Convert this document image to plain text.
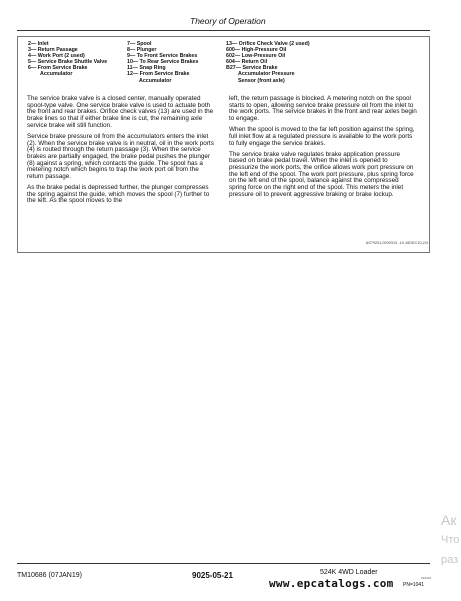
Theory of Operation
2— Inlet
3— Return Passage
4— Work Port (2 used)
5— Service Brake Shuttle Valve
6— From Service Brake
Accumulator
7— Spool
8— Plunger
9— To Front Service Brakes
10— To Rear Service Brakes
11— Snap Ring
12— From Service Brake
Accumulator
13— Orifice Check Valve (2 used)
600— High-Pressure Oil
602— Low-Pressure Oil
604— Return Oil
B27— Service Brake
Accumulator Pressure
Sensor (front axle)

The service brake valve is a closed center, manually operated spool-type valve. One service brake valve is used to actuate both the front and rear brakes. Orifice check valves (13) are used in the brake lines so that if either brake line is cut, the remaining axle service brake will still function.

Service brake pressure oil from the accumulators enters the inlet (2). When the service brake valve is in neutral, oil in the work ports (4) is routed through the return passage (3). When the service brakes are partially engaged, the brake pedal pushes the plunger (8) against a spring, which contacts the guide. The spool has a metering notch which begins to trap the work port oil from the return passage.

As the brake pedal is depressed further, the plunger compresses the spring against the guide, which moves the spool (7) further to the left. As the spool moves to the

left, the return passage is blocked. A metering notch on the spool starts to open, allowing service brake pressure oil from the inlet to the work ports. The service brakes in the front and rear axles begin to engage.

When the spool is moved to the far left position against the spring, full inlet flow at a regulated pressure is available to the work ports to fully engage the service brakes.

The service brake valve regulates brake application pressure based on brake pedal travel. When the inlet is opened to pressurize the work ports, the orifice allows work port pressure on the left end of the spool. The work port pressure, plus spring force on the left end of the spool, balance against the compressed spring force on the right end of the spool. This meters the inlet pressure oil to prevent aggressive braking or brake lockup.

AS79201,0000310 -19-16DEC10-2/3
Ак
Что
раз
TM10686 (07JAN19)	9025-05-21	524K 4WD Loader
www.epcatalogs.com	010419
PN=1041
